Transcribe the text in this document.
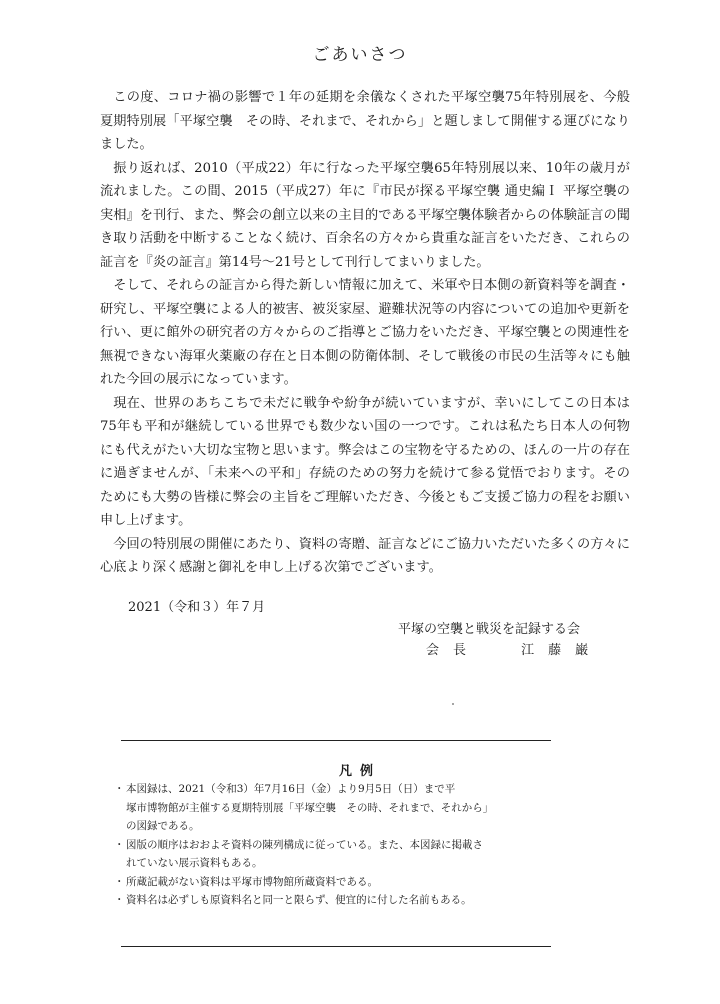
ごあいさつ

この度、コロナ禍の影響で１年の延期を余儀なくされた平塚空襲75年特別展を、今般夏期特別展「平塚空襲　その時、それまで、それから」と題しまして開催する運びになりました。

振り返れば、2010（平成22）年に行なった平塚空襲65年特別展以来、10年の歳月が流れました。この間、2015（平成27）年に『市民が探る平塚空襲 通史編Ｉ 平塚空襲の実相』を刊行、また、弊会の創立以来の主目的である平塚空襲体験者からの体験証言の聞き取り活動を中断することなく続け、百余名の方々から貴重な証言をいただき、これらの証言を『炎の証言』第14号〜21号として刊行してまいりました。

そして、それらの証言から得た新しい情報に加えて、米軍や日本側の新資料等を調査・研究し、平塚空襲による人的被害、被災家屋、避難状況等の内容についての追加や更新を行い、更に館外の研究者の方々からのご指導とご協力をいただき、平塚空襲との関連性を無視できない海軍火薬廠の存在と日本側の防衛体制、そして戦後の市民の生活等々にも触れた今回の展示になっています。

現在、世界のあちこちで未だに戦争や紛争が続いていますが、幸いにしてこの日本は75年も平和が継続している世界でも数少ない国の一つです。これは私たち日本人の何物にも代えがたい大切な宝物と思います。弊会はこの宝物を守るための、ほんの一片の存在に過ぎませんが、「未来への平和」存続のための努力を続けて参る覚悟でおります。そのためにも大勢の皆様に弊会の主旨をご理解いただき、今後ともご支援ご協力の程をお願い申し上げます。

今回の特別展の開催にあたり、資料の寄贈、証言などにご協力いただいた多くの方々に心底より深く感謝と御礼を申し上げる次第でございます。

2021（令和３）年７月
平塚の空襲と戦災を記録する会
会長	江藤巌
凡例
・ 本図録は、2021（令和3）年7月16日（金）より9月5日（日）まで平
塚市博物館が主催する夏期特別展「平塚空襲　その時、それまで、それから」
の図録である。
・ 図版の順序はおおよそ資料の陳列構成に従っている。また、本図録に掲載さ
れていない展示資料もある。
・ 所蔵記載がない資料は平塚市博物館所蔵資料である。
・ 資料名は必ずしも原資料名と同一と限らず、便宜的に付した名前もある。
